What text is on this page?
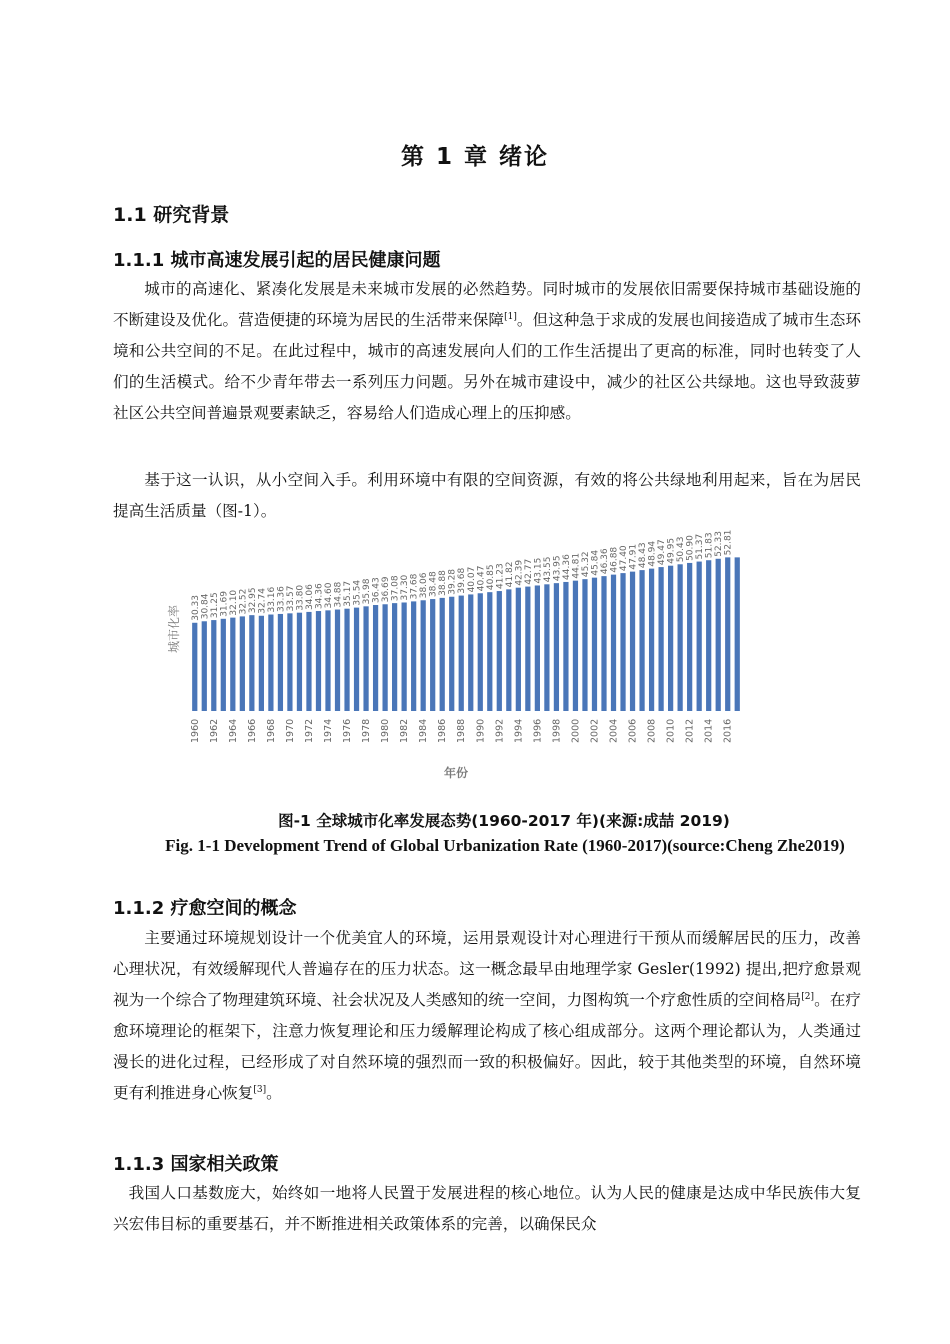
第 1 章 绪论
1.1 研究背景
1.1.1 城市高速发展引起的居民健康问题

城市的高速化、紧凑化发展是未来城市发展的必然趋势。同时城市的发展依旧需要保持城市基础设施的不断建设及优化。营造便捷的环境为居民的生活带来保障[1]。但这种急于求成的发展也间接造成了城市生态环境和公共空间的不足。在此过程中，城市的高速发展向人们的工作生活提出了更高的标准，同时也转变了人们的生活模式。给不少青年带去一系列压力问题。另外在城市建设中，减少的社区公共绿地。这也导致菠萝社区公共空间普遍景观要素缺乏，容易给人们造成心理上的压抑感。

基于这一认识，从小空间入手。利用环境中有限的空间资源，有效的将公共绿地利用起来，旨在为居民提高生活质量（图-1）。

30.33 30.84 31.25 31.69 32.10 32.52 32.95 32.74 33.16 33.36 33.57 33.80 34.06 34.36 34.60 34.88 35.17 35.54 35.98 36.43 36.69 37.08 37.30 37.68 38.06 38.48 38.88 39.28 39.68 40.07 40.47 40.85 41.23 41.82 42.39 42.77 43.15 43.55 43.95 44.36 44.81 45.32 45.84 46.36 46.88 47.40 47.91 48.43 48.94 49.47 49.95 50.43 50.90 51.37 51.83 52.33 52.81
1960 1962 1964 1966 1968 1970 1972 1974 1976 1978 1980 1982 1984 1986 1988 1990 1992 1994 1996 1998 2000 2002 2004 2006 2008 2010 2012 2014 2016
城市化率
年份
图-1 全球城市化率发展态势(1960-2017 年)(来源:成喆 2019)
Fig. 1-1 Development Trend of Global Urbanization Rate (1960-2017)(source:Cheng Zhe2019)
1.1.2 疗愈空间的概念

主要通过环境规划设计一个优美宜人的环境，运用景观设计对心理进行干预从而缓解居民的压力，改善心理状况，有效缓解现代人普遍存在的压力状态。这一概念最早由地理学家 Gesler(1992) 提出,把疗愈景观视为一个综合了物理建筑环境、社会状况及人类感知的统一空间，力图构筑一个疗愈性质的空间格局[2]。在疗愈环境理论的框架下，注意力恢复理论和压力缓解理论构成了核心组成部分。这两个理论都认为，人类通过漫长的进化过程，已经形成了对自然环境的强烈而一致的积极偏好。因此，较于其他类型的环境，自然环境更有利推进身心恢复[3]。

1.1.3 国家相关政策

我国人口基数庞大，始终如一地将人民置于发展进程的核心地位。认为人民的健康是达成中华民族伟大复兴宏伟目标的重要基石，并不断推进相关政策体系的完善，以确保民众
